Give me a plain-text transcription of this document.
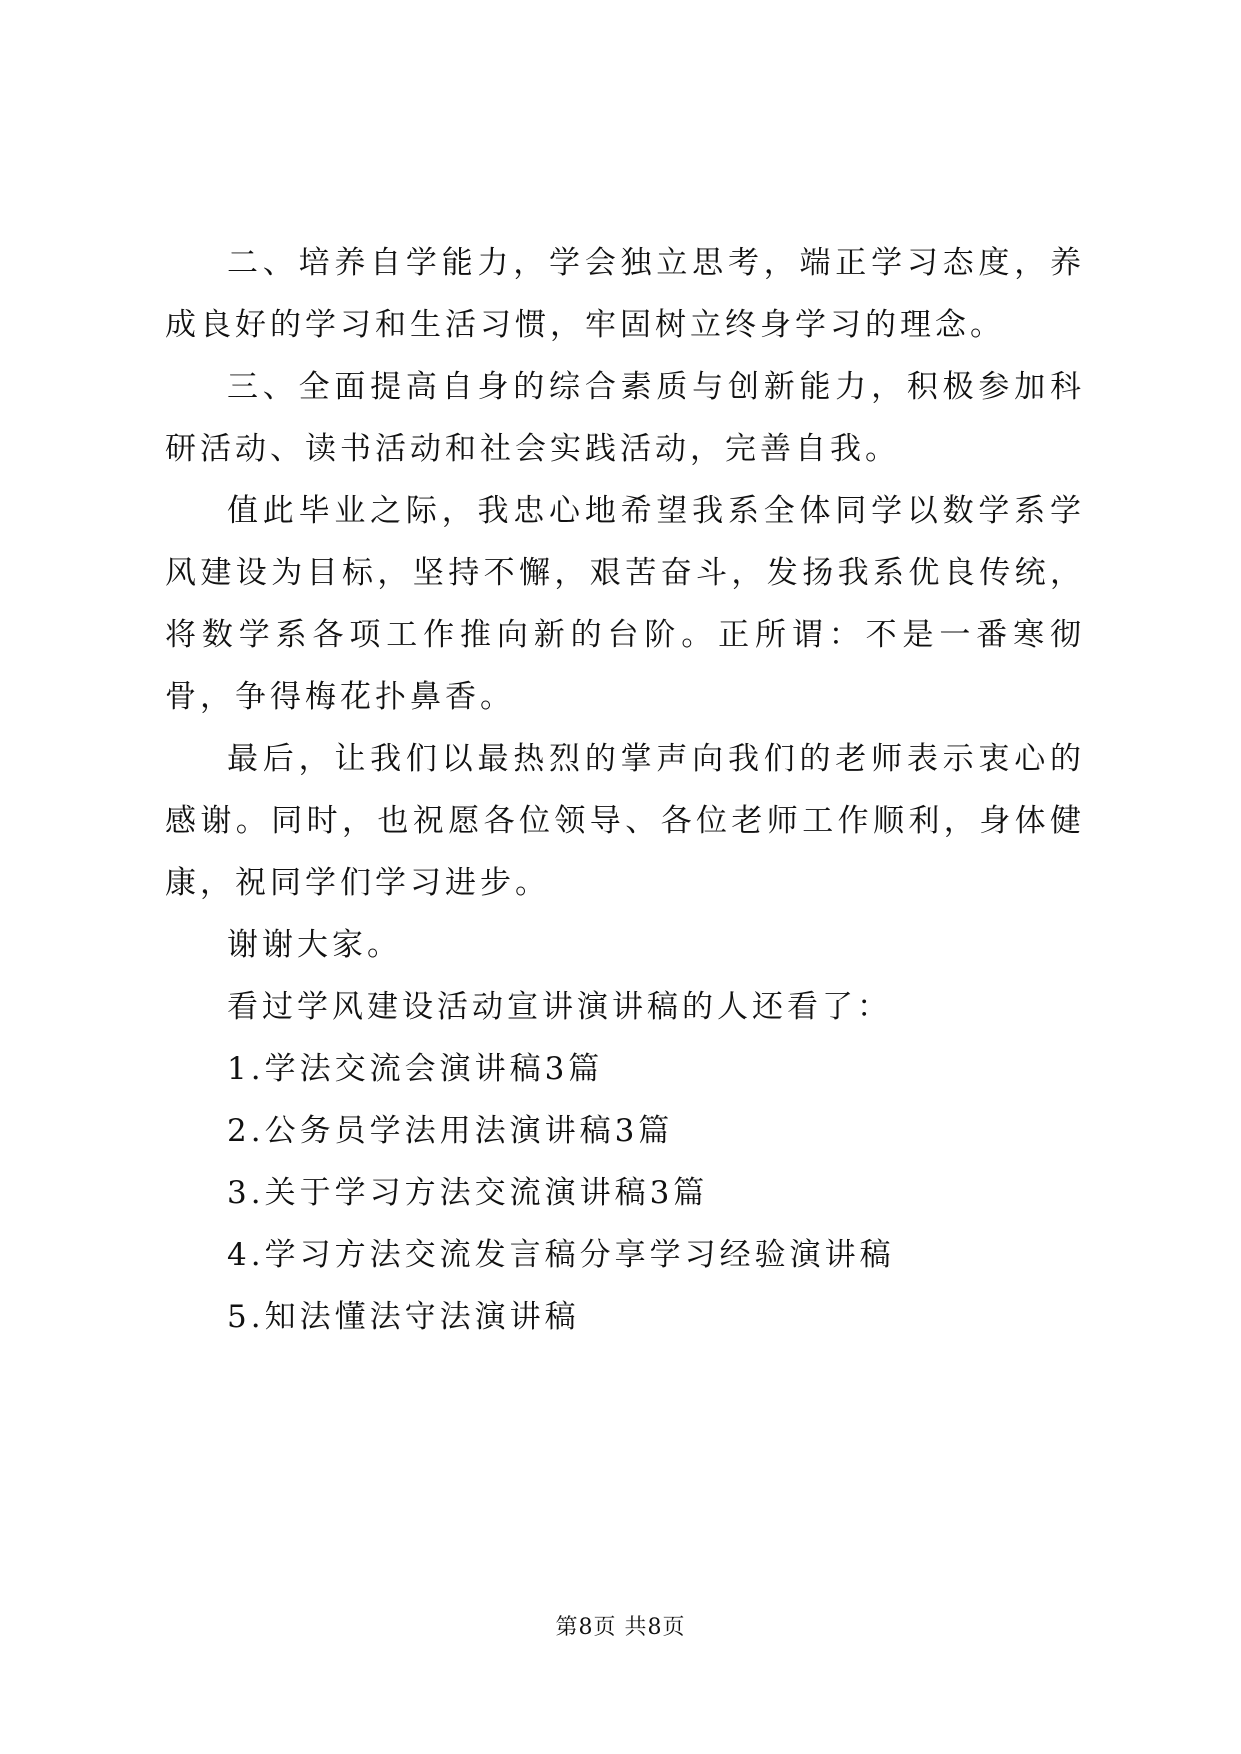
二、培养自学能力，学会独立思考，端正学习态度，养成良好的学习和生活习惯，牢固树立终身学习的理念。

三、全面提高自身的综合素质与创新能力，积极参加科研活动、读书活动和社会实践活动，完善自我。

值此毕业之际，我忠心地希望我系全体同学以数学系学风建设为目标，坚持不懈，艰苦奋斗，发扬我系优良传统，将数学系各项工作推向新的台阶。正所谓：不是一番寒彻骨，争得梅花扑鼻香。

最后，让我们以最热烈的掌声向我们的老师表示衷心的感谢。同时，也祝愿各位领导、各位老师工作顺利，身体健康，祝同学们学习进步。

谢谢大家。

看过学风建设活动宣讲演讲稿的人还看了：

1.学法交流会演讲稿3篇

2.公务员学法用法演讲稿3篇

3.关于学习方法交流演讲稿3篇

4.学习方法交流发言稿分享学习经验演讲稿

5.知法懂法守法演讲稿

第8页 共8页
